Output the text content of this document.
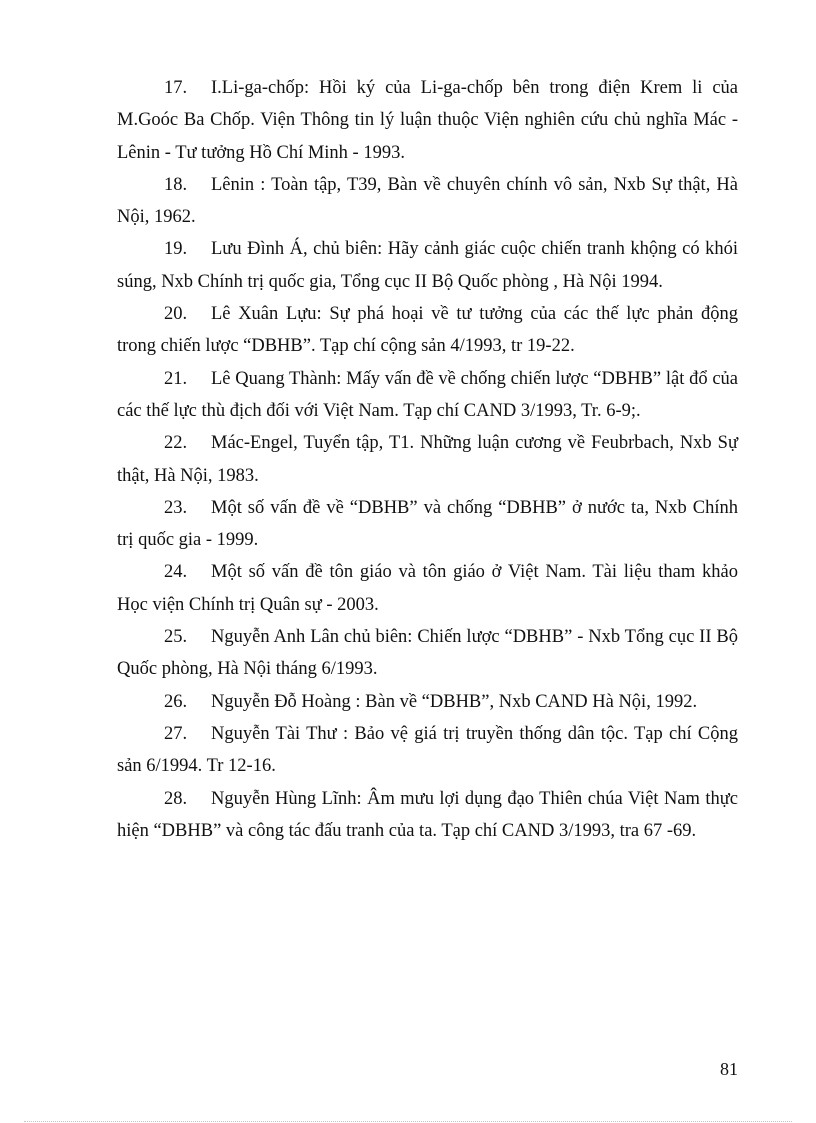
17. I.Li-ga-chốp: Hồi ký của Li-ga-chốp bên trong điện Krem li của M.Goóc Ba Chốp. Viện Thông tin lý luận thuộc Viện nghiên cứu chủ nghĩa Mác - Lênin - Tư tưởng Hồ Chí Minh - 1993.

18. Lênin : Toàn tập, T39, Bàn về chuyên chính vô sản, Nxb Sự thật, Hà Nội, 1962.

19. Lưu Đình Á, chủ biên: Hãy cảnh giác cuộc chiến tranh khộng có khói súng, Nxb Chính trị quốc gia, Tổng cục II Bộ Quốc phòng , Hà Nội 1994.

20. Lê Xuân Lựu: Sự phá hoại về tư tưởng của các thế lực phản động trong chiến lược “DBHB”. Tạp chí cộng sản 4/1993, tr 19-22.

21. Lê Quang Thành: Mấy vấn đề về chống chiến lược “DBHB” lật đổ của các thế lực thù địch đối với Việt Nam. Tạp chí CAND 3/1993, Tr. 6-9;.

22. Mác-Engel, Tuyển tập, T1. Những luận cương về Feubrbach, Nxb Sự thật, Hà Nội, 1983.

23. Một số vấn đề về “DBHB” và chống “DBHB” ở nước ta, Nxb Chính trị quốc gia - 1999.

24. Một số vấn đề tôn giáo và tôn giáo ở Việt Nam. Tài liệu tham khảo Học viện Chính trị Quân sự - 2003.

25. Nguyễn Anh Lân chủ biên: Chiến lược “DBHB” - Nxb Tổng cục II Bộ Quốc phòng, Hà Nội tháng 6/1993.

26. Nguyễn Đỗ Hoàng : Bàn về “DBHB”, Nxb CAND Hà Nội, 1992.

27. Nguyễn Tài Thư : Bảo vệ giá trị truyền thống dân tộc. Tạp chí Cộng sản 6/1994. Tr 12-16.

28. Nguyễn Hùng Lĩnh: Âm mưu lợi dụng đạo Thiên chúa Việt Nam thực hiện “DBHB” và công tác đấu tranh của ta. Tạp chí CAND 3/1993, tra 67 -69.

81
